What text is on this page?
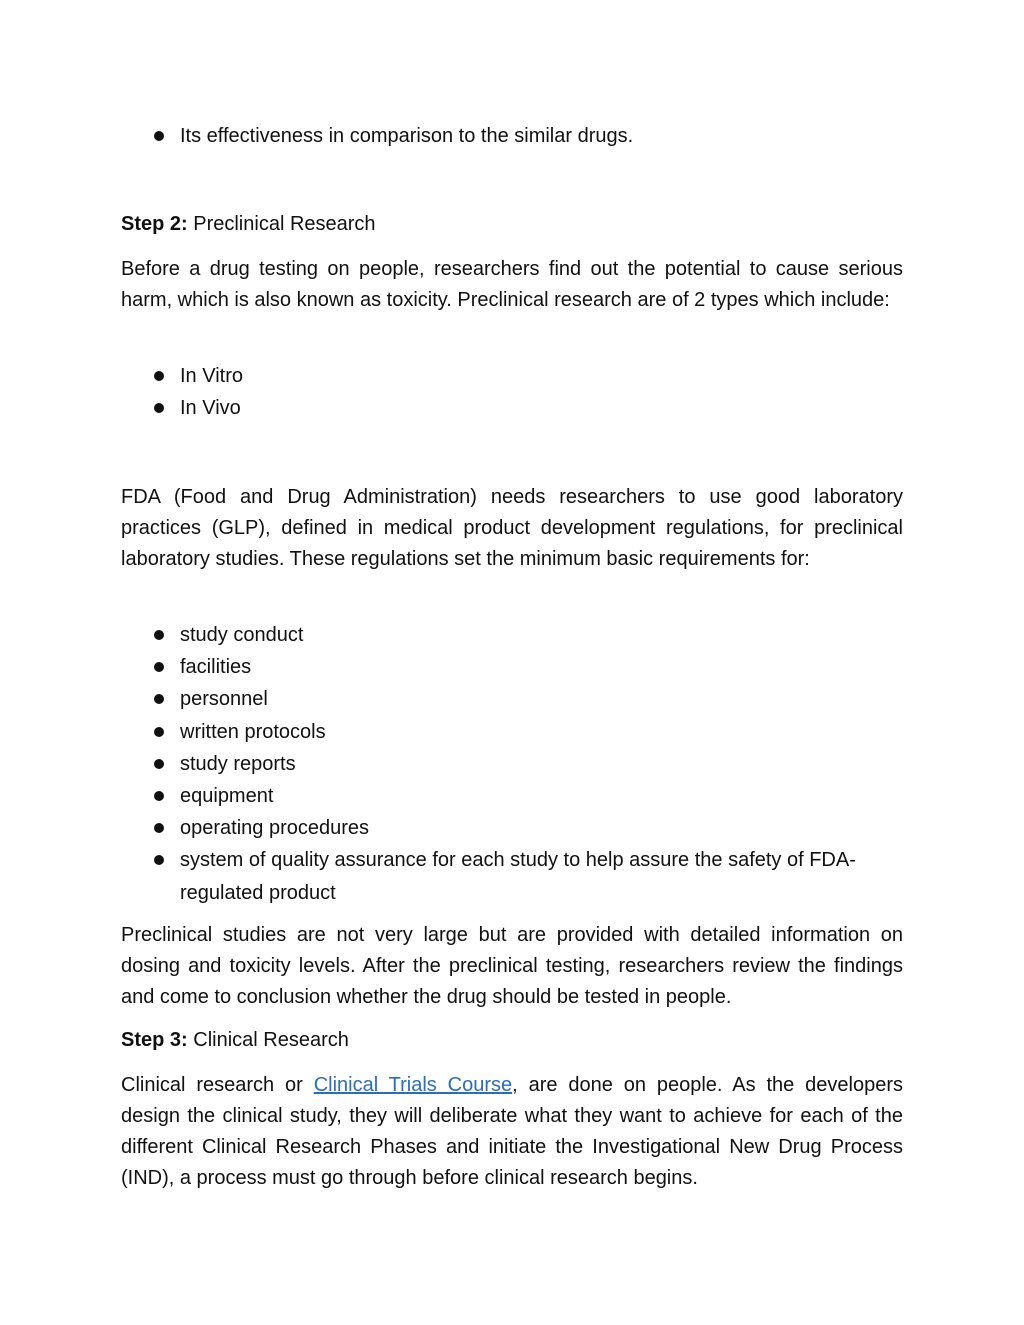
Its effectiveness in comparison to the similar drugs.
Step 2: Preclinical Research

Before a drug testing on people, researchers find out the potential to cause serious harm, which is also known as toxicity. Preclinical research are of 2 types which include:

In Vitro
In Vivo

FDA (Food and Drug Administration) needs researchers to use good laboratory practices (GLP), defined in medical product development regulations, for preclinical laboratory studies. These regulations set the minimum basic requirements for:

study conduct
facilities
personnel
written protocols
study reports
equipment
operating procedures
system of quality assurance for each study to help assure the safety of FDA-regulated product

Preclinical studies are not very large but are provided with detailed information on dosing and toxicity levels. After the preclinical testing, researchers review the findings and come to conclusion whether the drug should be tested in people.

Step 3: Clinical Research

Clinical research or Clinical Trials Course, are done on people. As the developers design the clinical study, they will deliberate what they want to achieve for each of the different Clinical Research Phases and initiate the Investigational New Drug Process (IND), a process must go through before clinical research begins.
